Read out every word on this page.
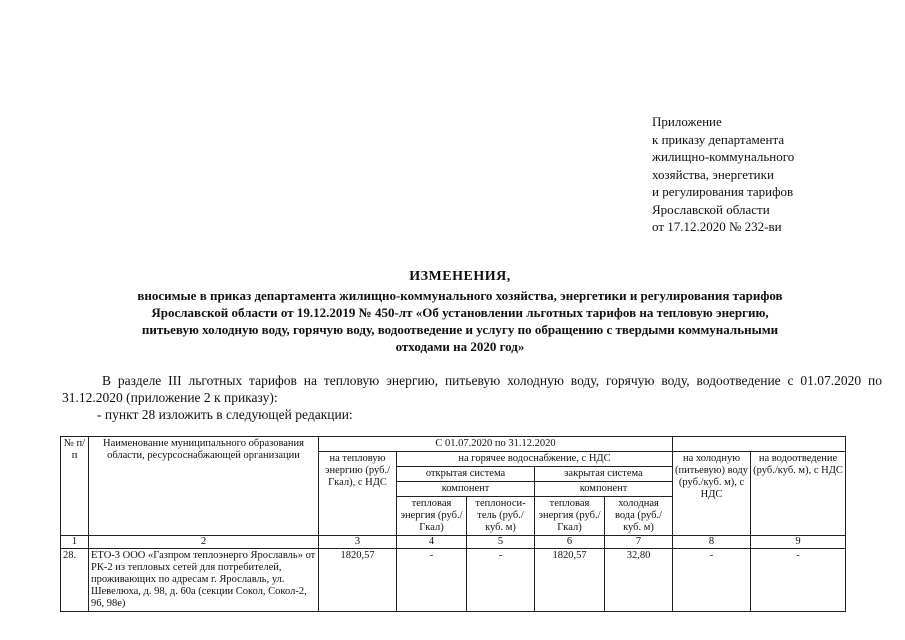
Приложение
к приказу департамента
жилищно-коммунального
хозяйства, энергетики
и регулирования тарифов
Ярославской области
от 17.12.2020 № 232-ви
ИЗМЕНЕНИЯ,
вносимые в приказ департамента жилищно-коммунального хозяйства, энергетики и регулирования тарифов
Ярославской области от 19.12.2019 № 450-лт «Об установлении льготных тарифов на тепловую энергию,
питьевую холодную воду, горячую воду, водоотведение и услугу по обращению с твердыми коммунальными
отходами на 2020 год»
В разделе III льготных тарифов на тепловую энергию, питьевую холодную воду, горячую воду, водоотведение с 01.07.2020 по 31.12.2020 (приложение 2 к приказу):
- пункт 28 изложить в следующей редакции:
№ п/п	Наименование муниципального образования области, ресурсоснабжающей организации	С 01.07.2020 по 31.12.2020						
		на тепловую энергию (руб./Гкал), с НДС	на горячее водоснабжение, с НДС				на холодную (питьевую) воду (руб./куб. м), с НДС	на водоотведение (руб./куб. м), с НДС
			открытая система		закрытая система			
			компонент		компонент			
			тепловая энергия (руб./Гкал)	теплоноси-тель (руб./куб. м)	тепловая энергия (руб./Гкал)	холодная вода (руб./куб. м)		
1	2	3	4	5	6	7	8	9
28.	ЕТО-3 ООО «Газпром теплоэнерго Ярославль» от РК-2 из тепловых сетей для потребителей, проживающих по адресам г. Ярославль, ул. Шевелюха, д. 98, д. 60а (секции Сокол, Сокол-2, 96, 98е)	1820,57	-	-	1820,57	32,80	-	-
